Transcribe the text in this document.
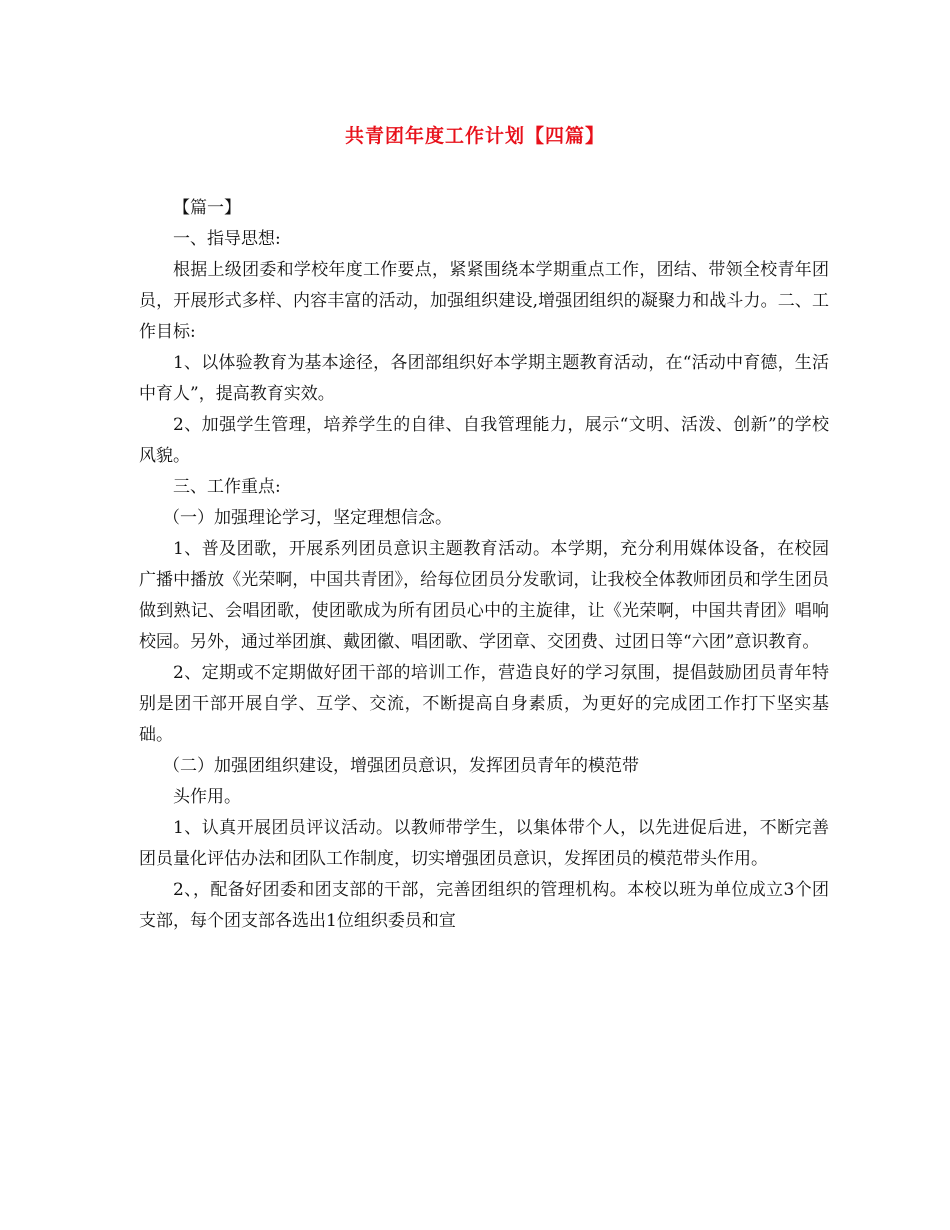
共青团年度工作计划【四篇】

【篇一】

一、指导思想:

根据上级团委和学校年度工作要点，紧紧围绕本学期重点工作，团结、带领全校青年团员，开展形式多样、内容丰富的活动，加强组织建设,增强团组织的凝聚力和战斗力。二、工作目标:

1、以体验教育为基本途径，各团部组织好本学期主题教育活动，在“活动中育德，生活中育人”，提高教育实效。

2、加强学生管理，培养学生的自律、自我管理能力，展示“文明、活泼、创新”的学校风貌。

三、工作重点:

（一）加强理论学习，坚定理想信念。

1、普及团歌，开展系列团员意识主题教育活动。本学期，充分利用媒体设备，在校园广播中播放《光荣啊，中国共青团》，给每位团员分发歌词，让我校全体教师团员和学生团员做到熟记、会唱团歌，使团歌成为所有团员心中的主旋律，让《光荣啊，中国共青团》唱响校园。另外，通过举团旗、戴团徽、唱团歌、学团章、交团费、过团日等“六团”意识教育。

2、定期或不定期做好团干部的培训工作，营造良好的学习氛围，提倡鼓励团员青年特别是团干部开展自学、互学、交流，不断提高自身素质，为更好的完成团工作打下坚实基础。

（二）加强团组织建设，增强团员意识，发挥团员青年的模范带

头作用。

1、认真开展团员评议活动。以教师带学生，以集体带个人，以先进促后进，不断完善团员量化评估办法和团队工作制度，切实增强团员意识，发挥团员的模范带头作用。

2、，配备好团委和团支部的干部，完善团组织的管理机构。本校以班为单位成立3个团支部，每个团支部各选出1位组织委员和宣
